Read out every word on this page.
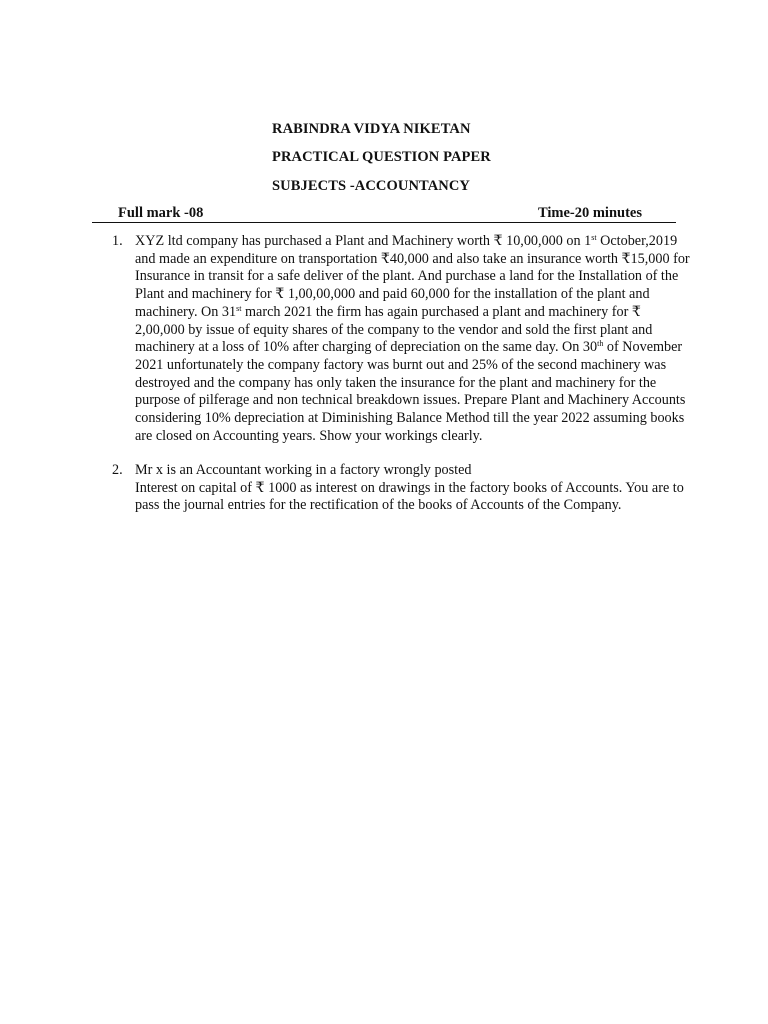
RABINDRA VIDYA NIKETAN
PRACTICAL QUESTION PAPER
SUBJECTS -ACCOUNTANCY
Full mark -08	Time-20 minutes
1. XYZ ltd company has purchased a Plant and Machinery worth ₹ 10,00,000 on 1st October,2019
and made an expenditure on transportation ₹40,000 and also take an insurance worth ₹15,000 for
Insurance in transit for a safe deliver of the plant. And purchase a land for the Installation of the
Plant and machinery for ₹ 1,00,00,000 and paid 60,000 for the installation of the plant and
machinery. On 31st march 2021 the firm has again purchased a plant and machinery for ₹
2,00,000 by issue of equity shares of the company to the vendor and sold the first plant and
machinery at a loss of 10% after charging of depreciation on the same day. On 30th of November
2021 unfortunately the company factory was burnt out and 25% of the second machinery was
destroyed and the company has only taken the insurance for the plant and machinery for the
purpose of pilferage and non technical breakdown issues. Prepare Plant and Machinery Accounts
considering 10% depreciation at Diminishing Balance Method till the year 2022 assuming books
are closed on Accounting years. Show your workings clearly.
2. Mr x is an Accountant working in a factory wrongly posted
Interest on capital of ₹ 1000 as interest on drawings in the factory books of Accounts. You are to
pass the journal entries for the rectification of the books of Accounts of the Company.
